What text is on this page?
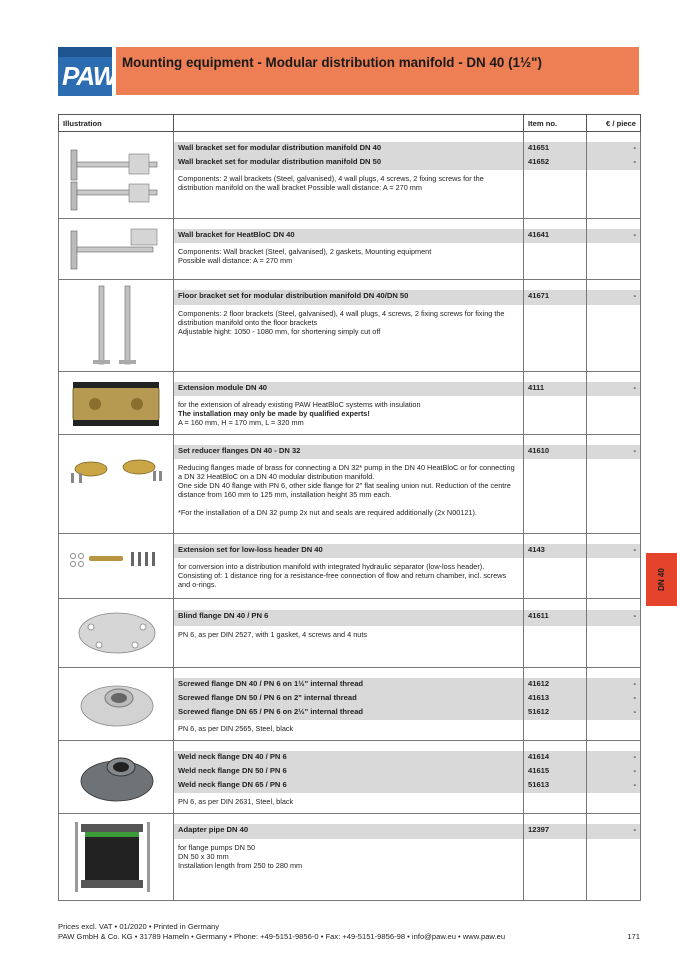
PAW Mounting equipment - Modular distribution manifold - DN 40 (1½")
DN 40
Illustration		Item no.	€ / piece

	Wall bracket set for modular distribution manifold DN 40	41651	-
	Wall bracket set for modular distribution manifold DN 50	41652	-

	Components: 2 wall brackets (Steel, galvanised), 4 wall plugs, 4 screws, 2 fixing screws for the distribution manifold on the wall bracket Possible wall distance: A = 270 mm		

	Wall bracket for HeatBloC DN 40	41641	-

	Components: Wall bracket (Steel, galvanised), 2 gaskets, Mounting equipment
Possible wall distance: A = 270 mm		

	Floor bracket set for modular distribution manifold DN 40/DN 50	41671	-

	Components: 2 floor brackets (Steel, galvanised), 4 wall plugs, 4 screws, 2 fixing screws for fixing the distribution manifold onto the floor brackets
Adjustable hight: 1050 - 1080 mm, for shortening simply cut off		

	Extension module DN 40	4111	-

	for the extension of already existing PAW HeatBloC systems with insulation
The installation may only be made by qualified experts!
A = 160 mm, H = 170 mm, L = 320 mm		

	Set reducer flanges DN 40 - DN 32	41610	-

	Reducing flanges made of brass for connecting a DN 32* pump in the DN 40 HeatBloC or for connecting a DN 32 HeatBloC on a DN 40 modular distribution manifold.
One side DN 40 flange with PN 6, other side flange for 2" flat sealing union nut. Reduction of the centre distance from 160 mm to 125 mm, installation height 35 mm each.
*For the installation of a DN 32 pump 2x nut and seals are required additionally (2x N00121).		

	Extension set for low-loss header DN 40	4143	-

	for conversion into a distribution manifold with integrated hydraulic separator (low-loss header).
Consisting of: 1 distance ring for a resistance-free connection of flow and return chamber, incl. screws and o-rings.		

	Blind flange DN 40 / PN 6	41611	-

	PN 6, as per DIN 2527, with 1 gasket, 4 screws and 4 nuts		

	Screwed flange DN 40 / PN 6 on 1½" internal thread	41612	-
	Screwed flange DN 50 / PN 6 on 2" internal thread	41613	-
	Screwed flange DN 65 / PN 6 on 2½" internal thread	51612	-

	PN 6, as per DIN 2565, Steel, black		

	Weld neck flange DN 40 / PN 6	41614	-
	Weld neck flange DN 50 / PN 6	41615	-
	Weld neck flange DN 65 / PN 6	51613	-

	PN 6, as per DIN 2631, Steel, black		

	Adapter pipe DN 40	12397	-

	for flange pumps DN 50
DN 50 x 30 mm
Installation length from 250 to 280 mm		

Prices excl. VAT • 01/2020 • Printed in Germany
PAW GmbH & Co. KG • 31789 Hameln • Germany • Phone: +49-5151-9856-0 • Fax: +49-5151-9856-98 • info@paw.eu • www.paw.eu	171
